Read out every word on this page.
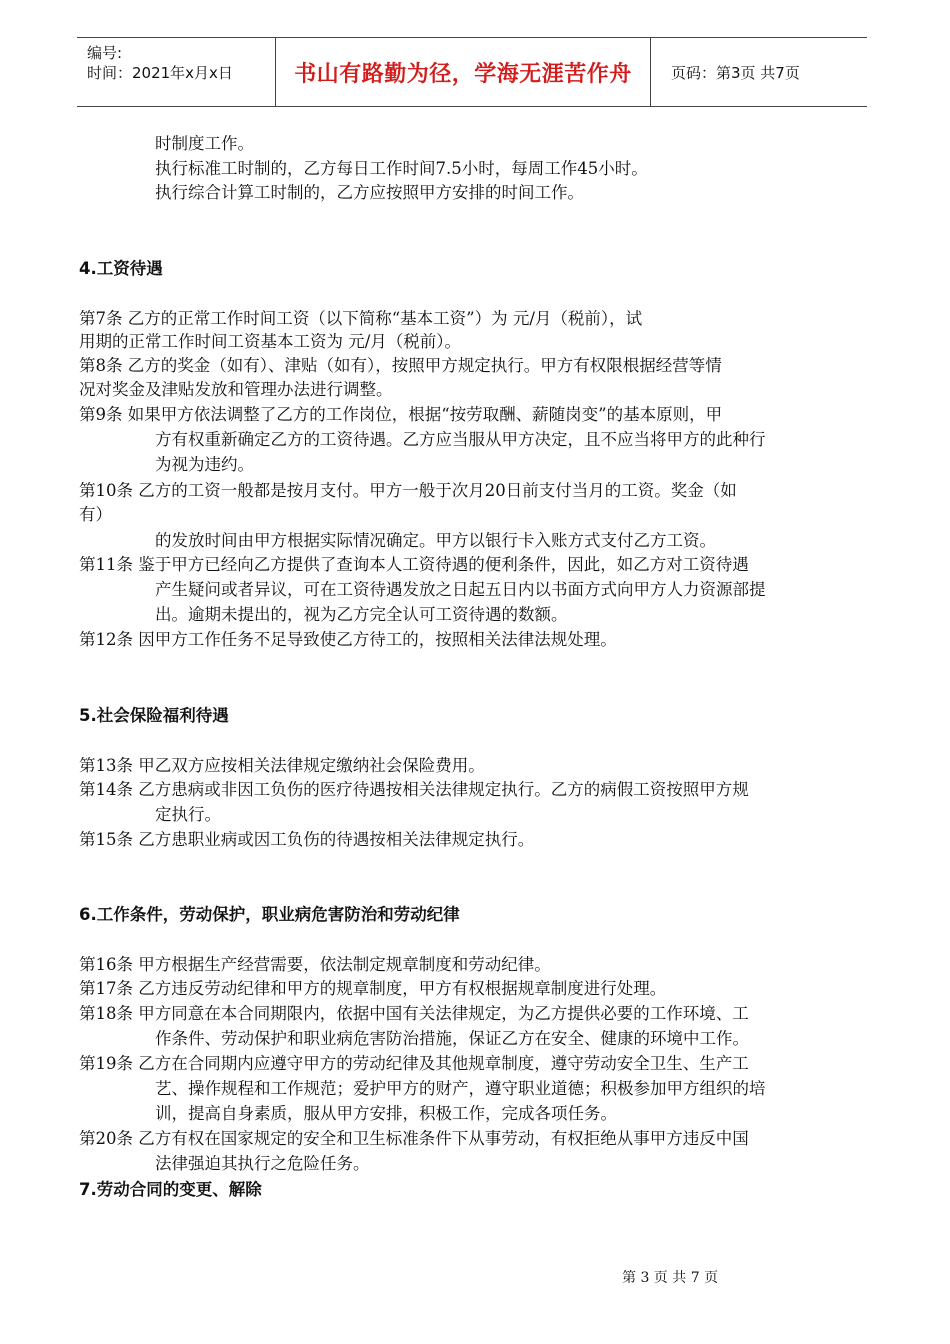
编号:
时间：2021年x月x日	书山有路勤为径，学海无涯苦作舟	页码：第3页 共7页
时制度工作。
执行标准工时制的，乙方每日工作时间7.5小时，每周工作45小时。
执行综合计算工时制的，乙方应按照甲方安排的时间工作。
4.工资待遇
第7条 乙方的正常工作时间工资（以下简称“基本工资”）为 元/月（税前），试
用期的正常工作时间工资基本工资为 元/月（税前）。
第8条 乙方的奖金（如有）、津贴（如有），按照甲方规定执行。甲方有权限根据经营等情
况对奖金及津贴发放和管理办法进行调整。
第9条 如果甲方依法调整了乙方的工作岗位，根据“按劳取酬、薪随岗变”的基本原则，甲
方有权重新确定乙方的工资待遇。乙方应当服从甲方决定，且不应当将甲方的此种行
为视为违约。
第10条 乙方的工资一般都是按月支付。甲方一般于次月20日前支付当月的工资。奖金（如
有）
的发放时间由甲方根据实际情况确定。甲方以银行卡入账方式支付乙方工资。
第11条 鉴于甲方已经向乙方提供了查询本人工资待遇的便利条件，因此，如乙方对工资待遇
产生疑问或者异议，可在工资待遇发放之日起五日内以书面方式向甲方人力资源部提
出。逾期未提出的，视为乙方完全认可工资待遇的数额。
第12条 因甲方工作任务不足导致使乙方待工的，按照相关法律法规处理。
5.社会保险福利待遇
第13条 甲乙双方应按相关法律规定缴纳社会保险费用。
第14条 乙方患病或非因工负伤的医疗待遇按相关法律规定执行。乙方的病假工资按照甲方规
定执行。
第15条 乙方患职业病或因工负伤的待遇按相关法律规定执行。
6.工作条件，劳动保护，职业病危害防治和劳动纪律
第16条 甲方根据生产经营需要，依法制定规章制度和劳动纪律。
第17条 乙方违反劳动纪律和甲方的规章制度，甲方有权根据规章制度进行处理。
第18条 甲方同意在本合同期限内，依据中国有关法律规定，为乙方提供必要的工作环境、工
作条件、劳动保护和职业病危害防治措施，保证乙方在安全、健康的环境中工作。
第19条 乙方在合同期内应遵守甲方的劳动纪律及其他规章制度，遵守劳动安全卫生、生产工
艺、操作规程和工作规范；爱护甲方的财产，遵守职业道德；积极参加甲方组织的培
训，提高自身素质，服从甲方安排，积极工作，完成各项任务。
第20条 乙方有权在国家规定的安全和卫生标准条件下从事劳动，有权拒绝从事甲方违反中国
法律强迫其执行之危险任务。
7.劳动合同的变更、解除
第 3 页 共 7 页
